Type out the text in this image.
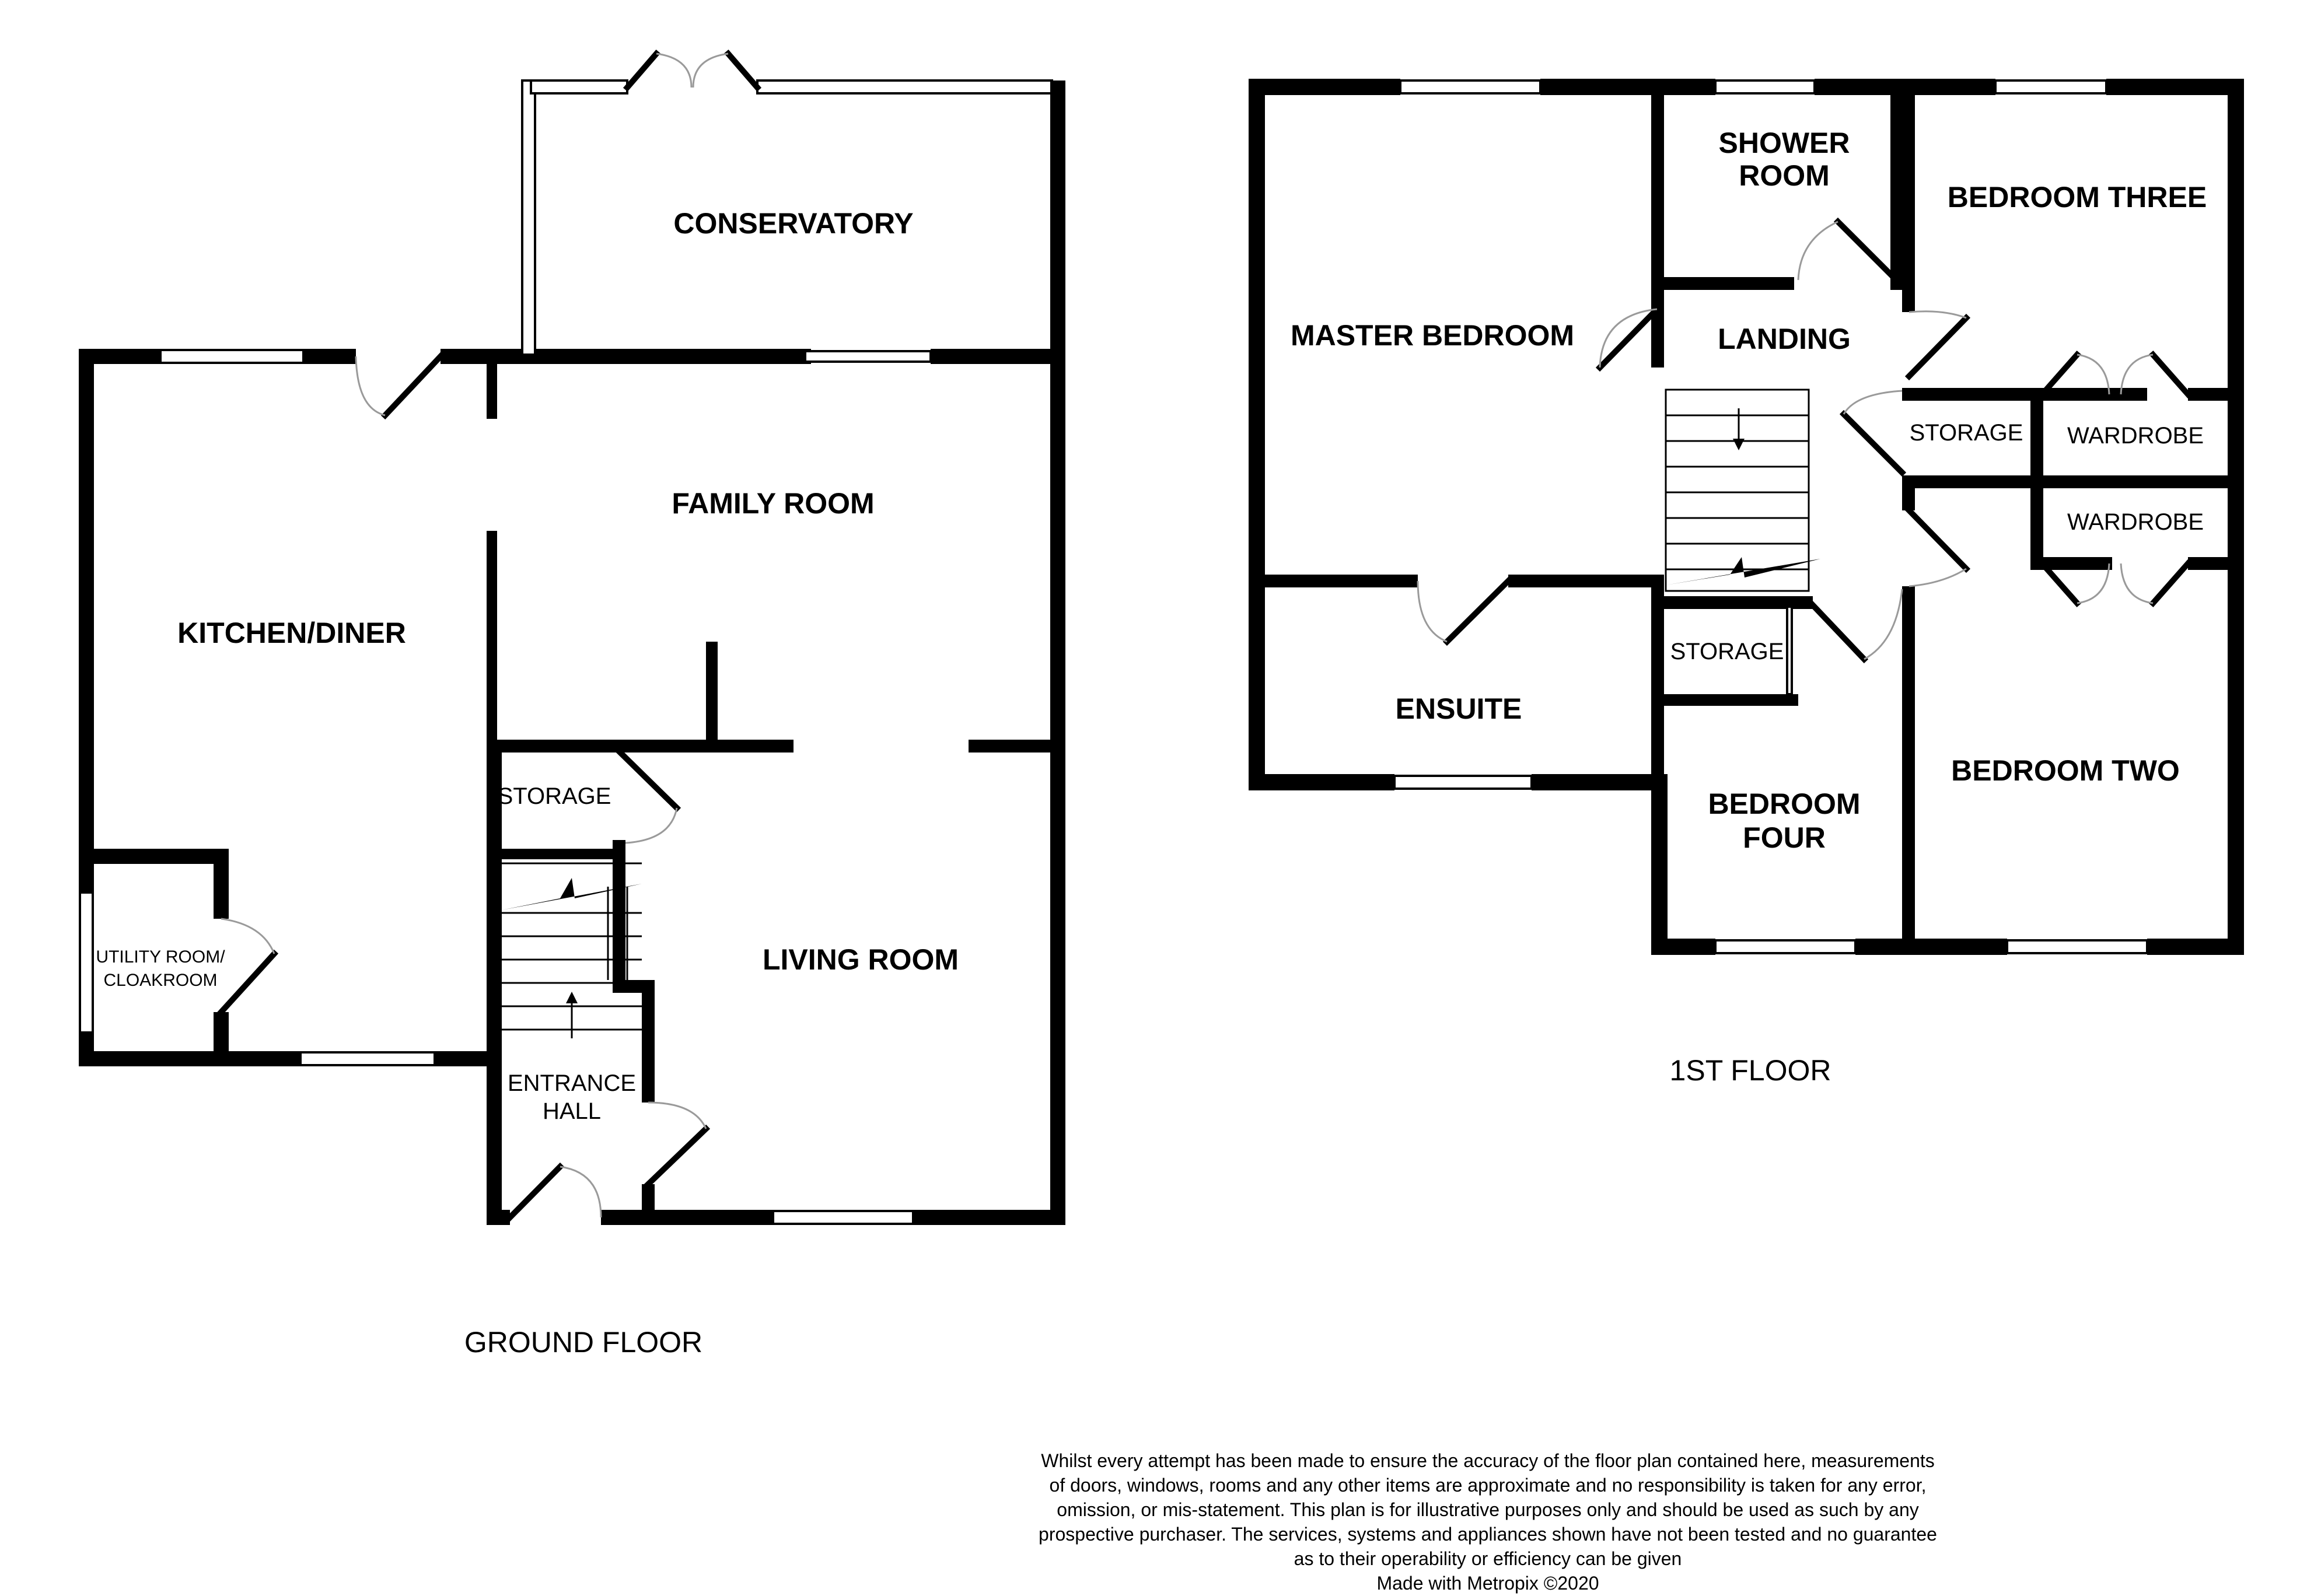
CONSERVATORY
FAMILY ROOM
KITCHEN/DINER
UTILITY ROOM/
CLOAKROOM
STORAGE
LIVING ROOM
ENTRANCE
HALL
GROUND FLOOR
MASTER BEDROOM
SHOWER
ROOM
BEDROOM THREE
LANDING
STORAGE WARDROBE
WARDROBE
ENSUITE
STORAGE
BEDROOM TWO
BEDROOM
FOUR
1ST FLOOR
Whilst every attempt has been made to ensure the accuracy of the floor plan contained here, measurements
of doors, windows, rooms and any other items are approximate and no responsibility is taken for any error,
omission, or mis-statement. This plan is for illustrative purposes only and should be used as such by any
prospective purchaser. The services, systems and appliances shown have not been tested and no guarantee
as to their operability or efficiency can be given
Made with Metropix ©2020
